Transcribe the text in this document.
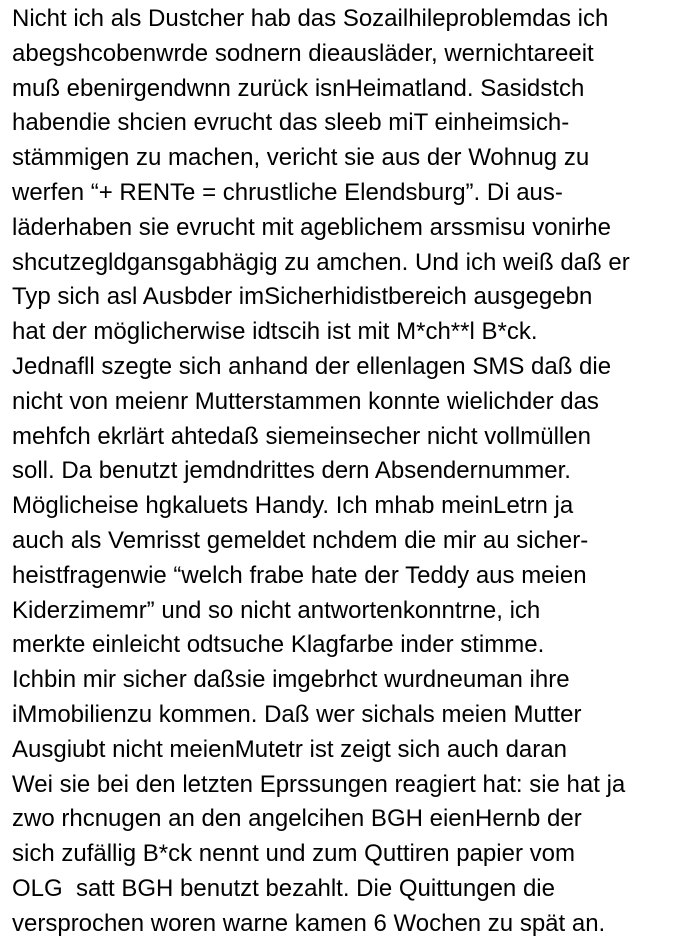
Nicht ich als Dustcher hab das Sozailhileproblemdas ich
abegshcobenwrde sodnern dieausläder, wernichtareeit
muß ebenirgendwnn zurück isnHeimatland. Sasidstch
habendie shcien evrucht das sleeb miT einheimsich-
stämmigen zu machen, vericht sie aus der Wohnug zu
werfen “+ RENTe = chrustliche Elendsburg”. Di aus-
läderhaben sie evrucht mit ageblichem arssmisu vonirhe
shcutzegldgansgabhägig zu amchen. Und ich weiß daß er
Typ sich asl Ausbder imSicherhidistbereich ausgegebn
hat der möglicherwise idtscih ist mit M*ch**l B*ck.
Jednafll szegte sich anhand der ellenlagen SMS daß die
nicht von meienr Mutterstammen konnte wielichder das
mehfch ekrlärt ahtedaß siemeinsecher nicht vollmüllen
soll. Da benutzt jemdndrittes dern Absendernummer.
Möglicheise hgkaluets Handy. Ich mhab meinLetrn ja
auch als Vemrisst gemeldet nchdem die mir au sicher-
heistfragenwie “welch frabe hate der Teddy aus meien
Kiderzimemr” und so nicht antwortenkonntrne, ich
merkte einleicht odtsuche Klagfarbe inder stimme.
Ichbin mir sicher daßsie imgebrhct wurdneuman ihre
iMmobilienzu kommen. Daß wer sichals meien Mutter
Ausgiubt nicht meienMutetr ist zeigt sich auch daran
Wei sie bei den letzten Eprssungen reagiert hat: sie hat ja
zwo rhcnugen an den angelcihen BGH eienHernb der
sich zufällig B*ck nennt und zum Quttiren papier vom
OLG  satt BGH benutzt bezahlt. Die Quittungen die
versprochen woren warne kamen 6 Wochen zu spät an.
